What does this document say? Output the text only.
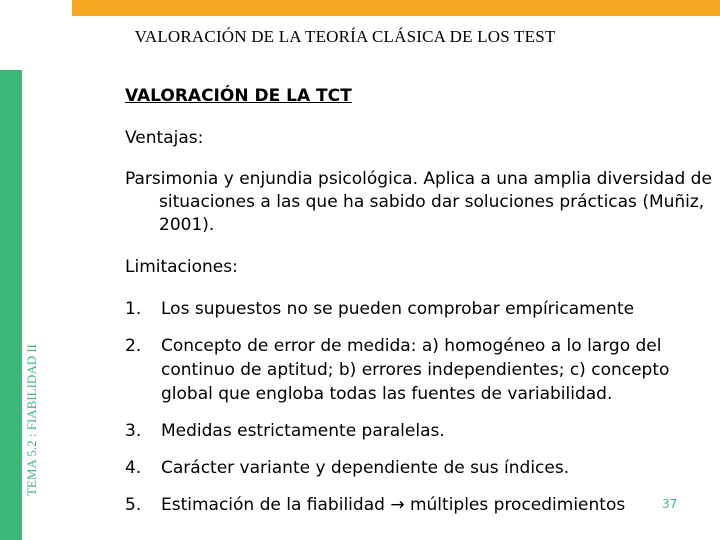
TEMA 5.2 : FIABILIDAD II
VALORACIÓN DE LA TEORÍA CLÁSICA DE LOS TEST

VALORACIÓN DE LA TCT

Ventajas:

Parsimonia y enjundia psicológica. Aplica a una amplia diversidad de situaciones a las que ha sabido dar soluciones prácticas (Muñiz, 2001).

Limitaciones:

1. Los supuestos no se pueden comprobar empíricamente
2. Concepto de error de medida: a) homogéneo a lo largo del continuo de aptitud; b) errores independientes; c) concepto global que engloba todas las fuentes de variabilidad.
3. Medidas estrictamente paralelas.
4. Carácter variante y dependiente de sus índices.
5. Estimación de la fiabilidad → múltiples procedimientos	37
